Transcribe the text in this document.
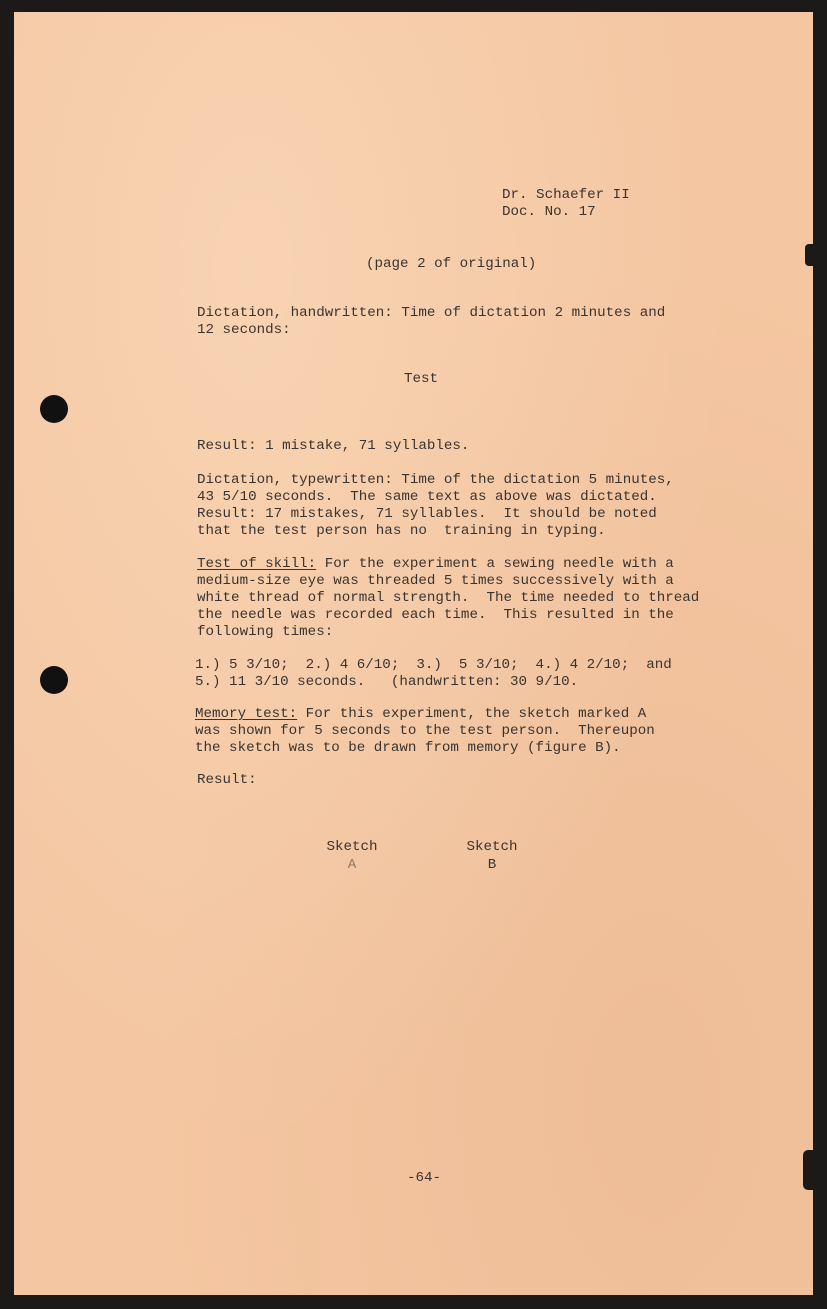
Dr. Schaefer II
Doc. No. 17
(page 2 of original)
Dictation, handwritten: Time of dictation 2 minutes and
12 seconds:
Test
Result: 1 mistake, 71 syllables.
Dictation, typewritten: Time of the dictation 5 minutes,
43 5/10 seconds.  The same text as above was dictated.
Result: 17 mistakes, 71 syllables.  It should be noted
that the test person has no  training in typing.
Test of skill: For the experiment a sewing needle with a
medium-size eye was threaded 5 times successively with a
white thread of normal strength.  The time needed to thread
the needle was recorded each time.  This resulted in the
following times:
1.) 5 3/10;  2.) 4 6/10;  3.)  5 3/10;  4.) 4 2/10;  and
5.) 11 3/10 seconds.   (handwritten: 30 9/10.
Memory test: For this experiment, the sketch marked A
was shown for 5 seconds to the test person.  Thereupon
the sketch was to be drawn from memory (figure B).
Result:
Sketch
A
Sketch
B
-64-
